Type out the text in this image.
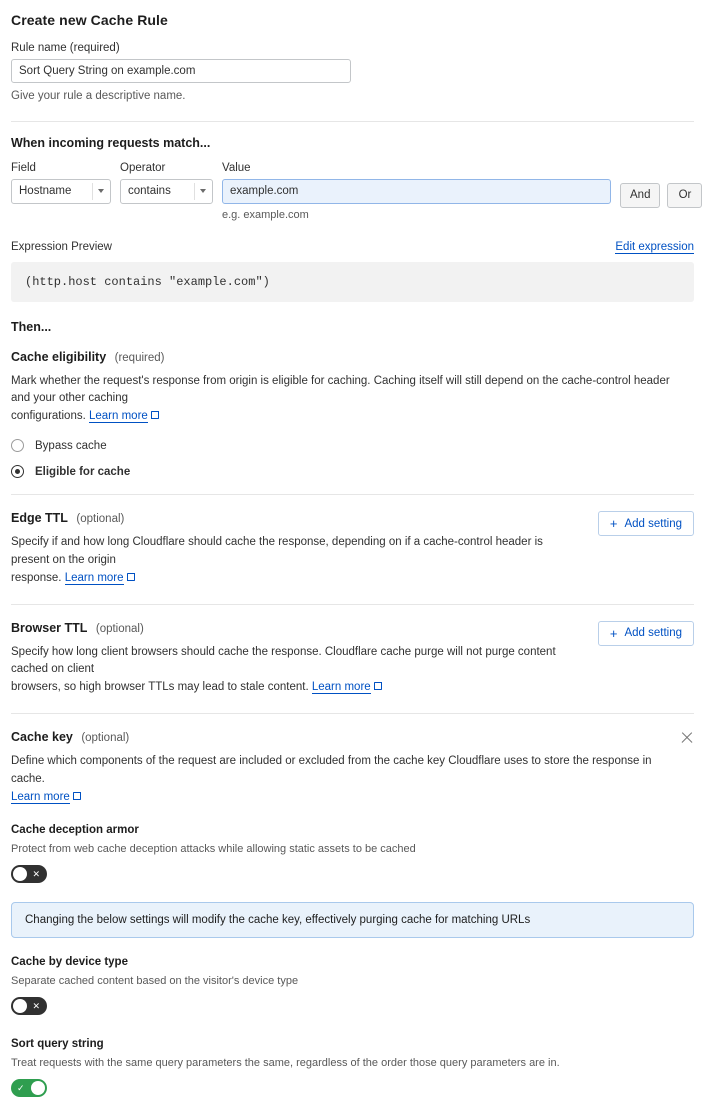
Create new Cache Rule
Rule name (required)
Sort Query String on example.com
Give your rule a descriptive name.
When incoming requests match...
Field
Hostname
Operator
contains
Value
example.com
e.g. example.com
And	Or
Expression Preview	Edit expression
(http.host contains "example.com")
Then...
Cache eligibility (required)
Mark whether the request's response from origin is eligible for caching. Caching itself will still depend on the cache-control header and your other caching
configurations. Learn more
Bypass cache
Eligible for cache
Edge TTL (optional)
Specify if and how long Cloudflare should cache the response, depending on if a cache-control header is present on the origin
response. Learn more
+ Add setting
Browser TTL (optional)
Specify how long client browsers should cache the response. Cloudflare cache purge will not purge content cached on client
browsers, so high browser TTLs may lead to stale content. Learn more
+ Add setting
Cache key (optional)
Define which components of the request are included or excluded from the cache key Cloudflare uses to store the response in cache.
Learn more
Cache deception armor
Protect from web cache deception attacks while allowing static assets to be cached
✕
Changing the below settings will modify the cache key, effectively purging cache for matching URLs
Cache by device type
Separate cached content based on the visitor's device type
✕
Sort query string
Treat requests with the same query parameters the same, regardless of the order those query parameters are in.
✓
